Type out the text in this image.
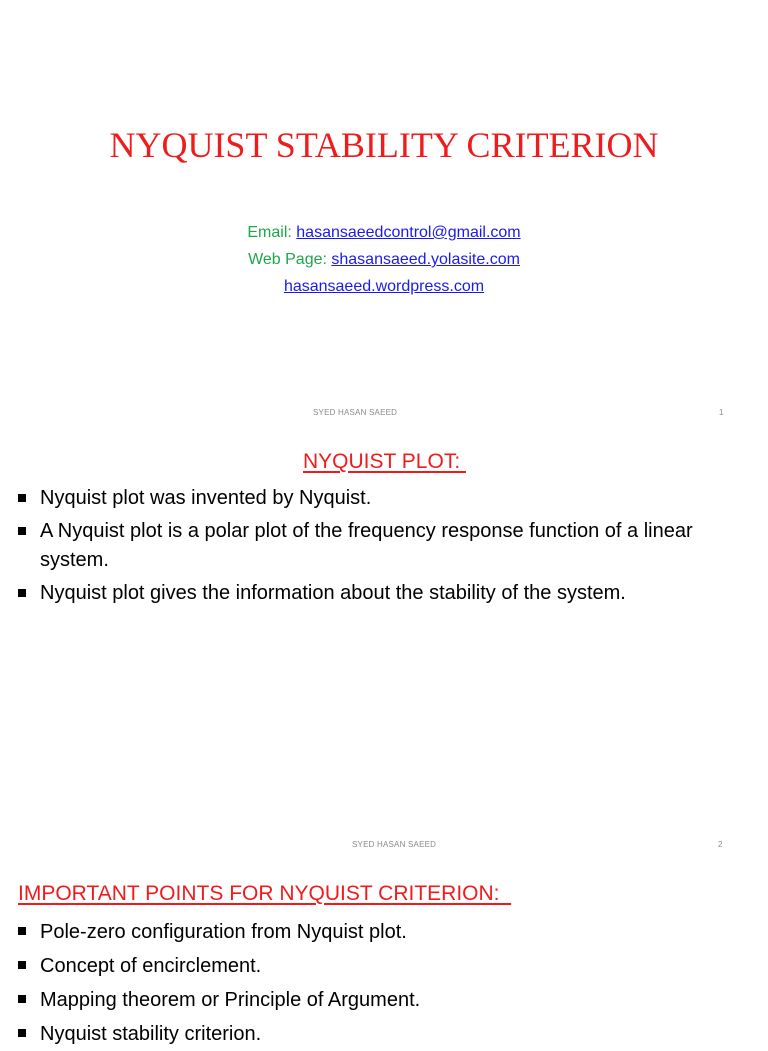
NYQUIST STABILITY CRITERION
Email: hasansaeedcontrol@gmail.com
Web Page: shasansaeed.yolasite.com
hasansaeed.wordpress.com
SYED HASAN SAEED	1
NYQUIST PLOT:
Nyquist plot was invented by Nyquist.
A Nyquist plot is a polar plot of the frequency response function of a linear system.
Nyquist plot gives the information about the stability of the system.
SYED HASAN SAEED	2
IMPORTANT POINTS FOR NYQUIST CRITERION:
Pole-zero configuration from Nyquist plot.
Concept of encirclement.
Mapping theorem or Principle of Argument.
Nyquist stability criterion.
